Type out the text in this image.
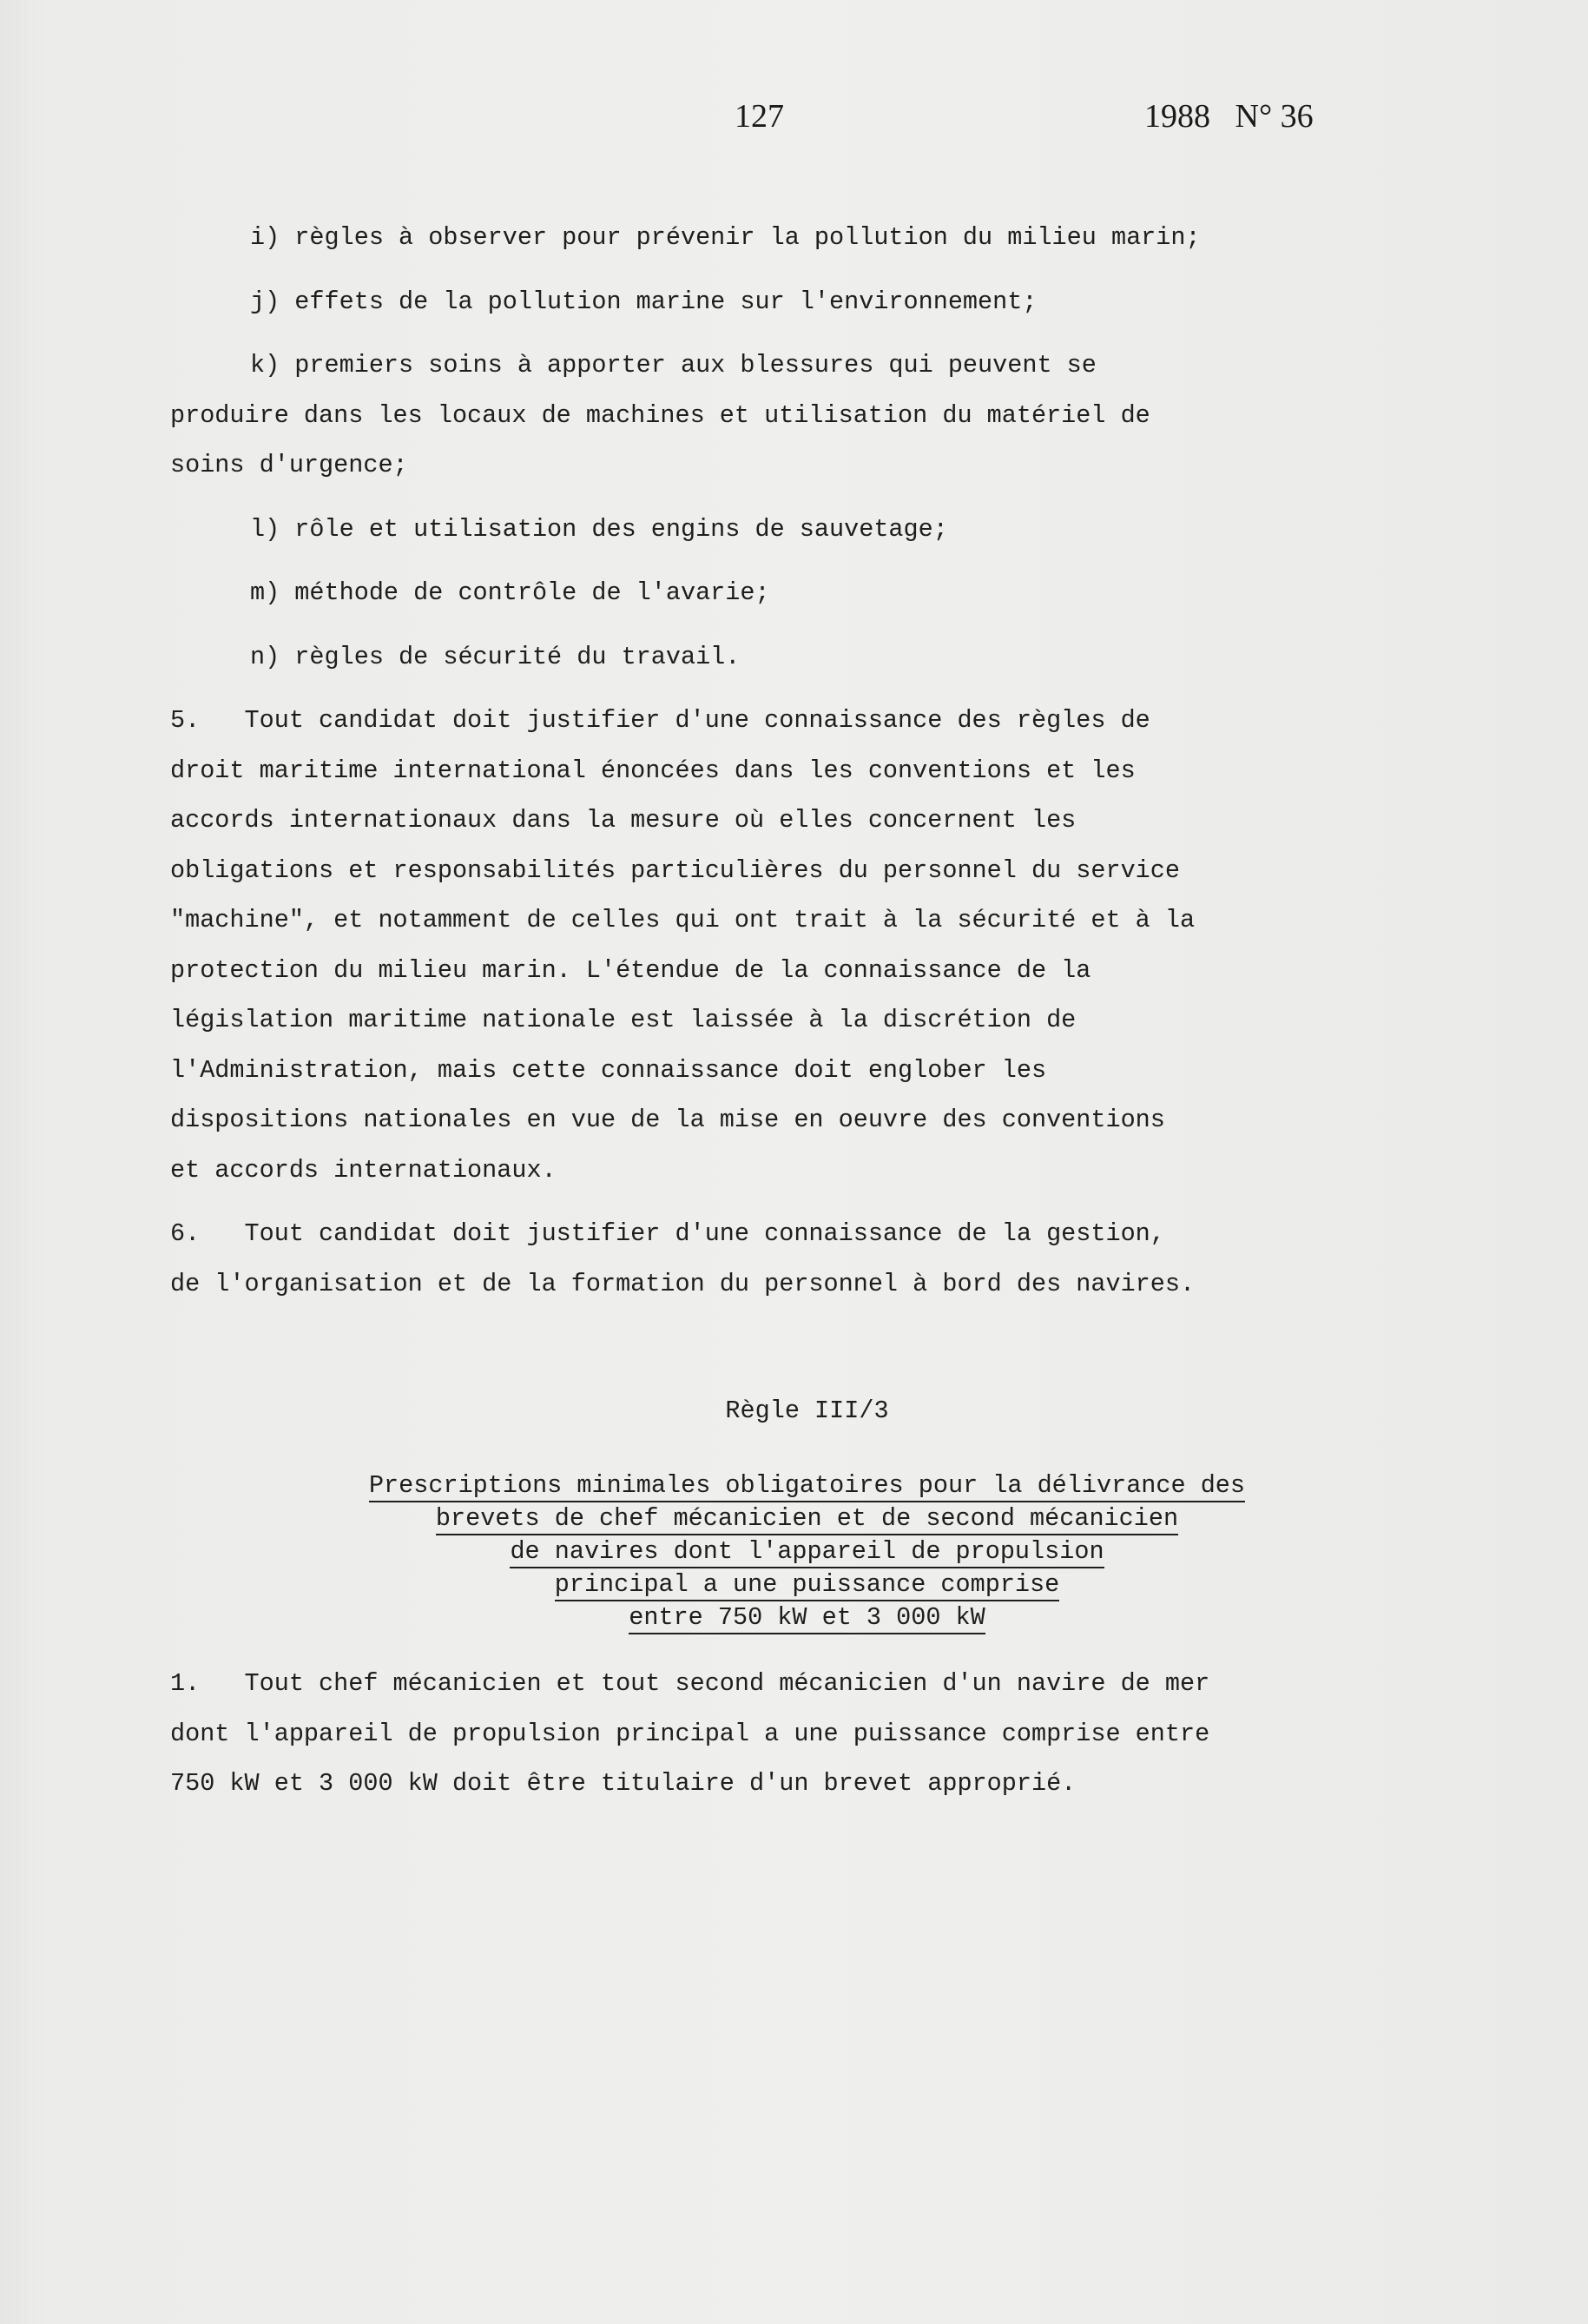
127	1988   N° 36
i) règles à observer pour prévenir la pollution du milieu marin;
j) effets de la pollution marine sur l'environnement;
k) premiers soins à apporter aux blessures qui peuvent se
produire dans les locaux de machines et utilisation du matériel de
soins d'urgence;
l) rôle et utilisation des engins de sauvetage;
m) méthode de contrôle de l'avarie;
n) règles de sécurité du travail.
5.   Tout candidat doit justifier d'une connaissance des règles de
droit maritime international énoncées dans les conventions et les
accords internationaux dans la mesure où elles concernent les
obligations et responsabilités particulières du personnel du service
"machine", et notamment de celles qui ont trait à la sécurité et à la
protection du milieu marin. L'étendue de la connaissance de la
législation maritime nationale est laissée à la discrétion de
l'Administration, mais cette connaissance doit englober les
dispositions nationales en vue de la mise en oeuvre des conventions
et accords internationaux.
6.   Tout candidat doit justifier d'une connaissance de la gestion,
de l'organisation et de la formation du personnel à bord des navires.
Règle III/3
Prescriptions minimales obligatoires pour la délivrance des
brevets de chef mécanicien et de second mécanicien
de navires dont l'appareil de propulsion
principal a une puissance comprise
entre 750 kW et 3 000 kW
1.   Tout chef mécanicien et tout second mécanicien d'un navire de mer
dont l'appareil de propulsion principal a une puissance comprise entre
750 kW et 3 000 kW doit être titulaire d'un brevet approprié.
